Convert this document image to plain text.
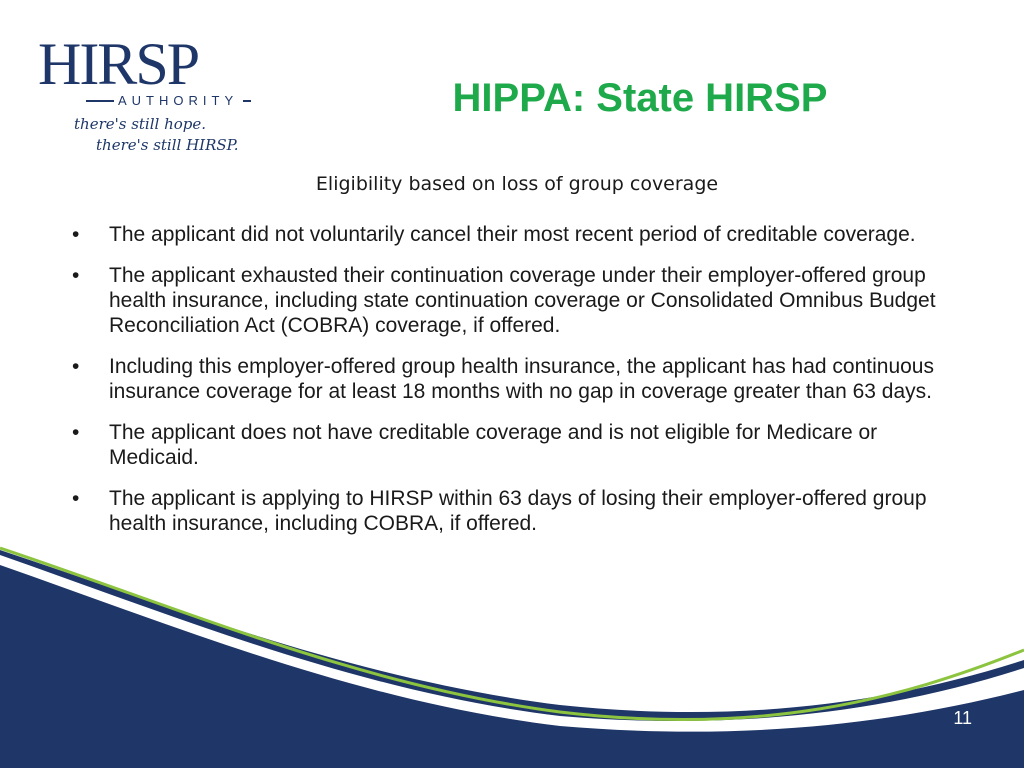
HIRSP
AUTHORITY
there's still hope.
there's still HIRSP.
HIPPA: State HIRSP
Eligibility based on loss of group coverage
• The applicant did not voluntarily cancel their most recent period of creditable coverage.
• The applicant exhausted their continuation coverage under their employer-offered group health insurance, including state continuation coverage or Consolidated Omnibus Budget Reconciliation Act (COBRA) coverage, if offered.
• Including this employer-offered group health insurance, the applicant has had continuous insurance coverage for at least 18 months with no gap in coverage greater than 63 days.
• The applicant does not have creditable coverage and is not eligible for Medicare or Medicaid.
• The applicant is applying to HIRSP within 63 days of losing their employer-offered group health insurance, including COBRA, if offered.
11
